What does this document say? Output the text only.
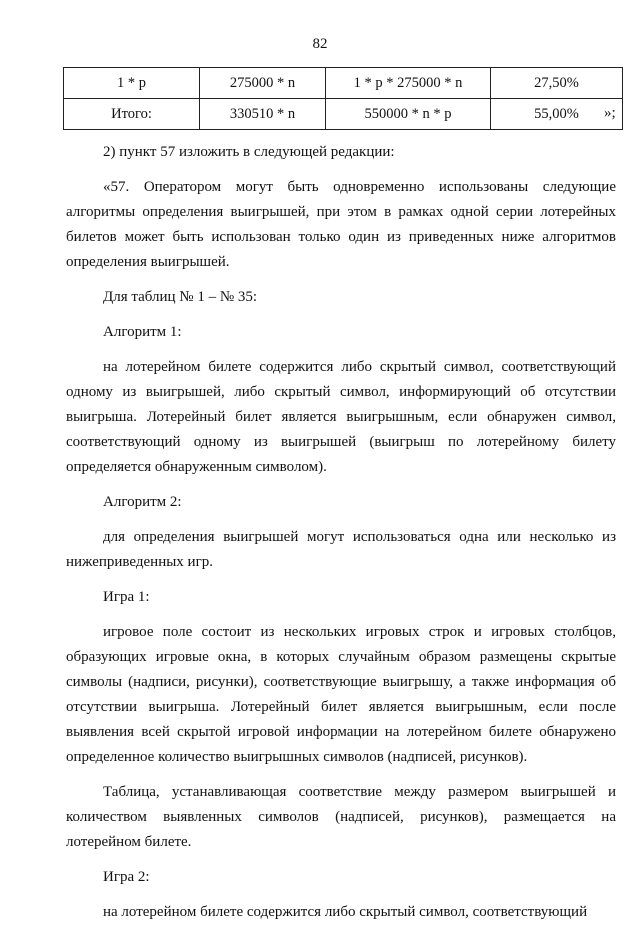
82
1 * р	275000 * n	1 * р * 275000 * n	27,50%
Итого:	330510 * n	550000 * n * р	55,00% »;

2) пункт 57 изложить в следующей редакции:

«57. Оператором могут быть одновременно использованы следующие алгоритмы определения выигрышей, при этом в рамках одной серии лотерейных билетов может быть использован только один из приведенных ниже алгоритмов определения выигрышей.

Для таблиц № 1 – № 35:

Алгоритм 1:

на лотерейном билете содержится либо скрытый символ, соответствующий одному из выигрышей, либо скрытый символ, информирующий об отсутствии выигрыша. Лотерейный билет является выигрышным, если обнаружен символ, соответствующий одному из выигрышей (выигрыш по лотерейному билету определяется обнаруженным символом).

Алгоритм 2:

для определения выигрышей могут использоваться одна или несколько из нижеприведенных игр.

Игра 1:

игровое поле состоит из нескольких игровых строк и игровых столбцов, образующих игровые окна, в которых случайным образом размещены скрытые символы (надписи, рисунки), соответствующие выигрышу, а также информация об отсутствии выигрыша. Лотерейный билет является выигрышным, если после выявления всей скрытой игровой информации на лотерейном билете обнаружено определенное количество выигрышных символов (надписей, рисунков).

Таблица, устанавливающая соответствие между размером выигрышей и количеством выявленных символов (надписей, рисунков), размещается на лотерейном билете.

Игра 2:

на лотерейном билете содержится либо скрытый символ, соответствующий
